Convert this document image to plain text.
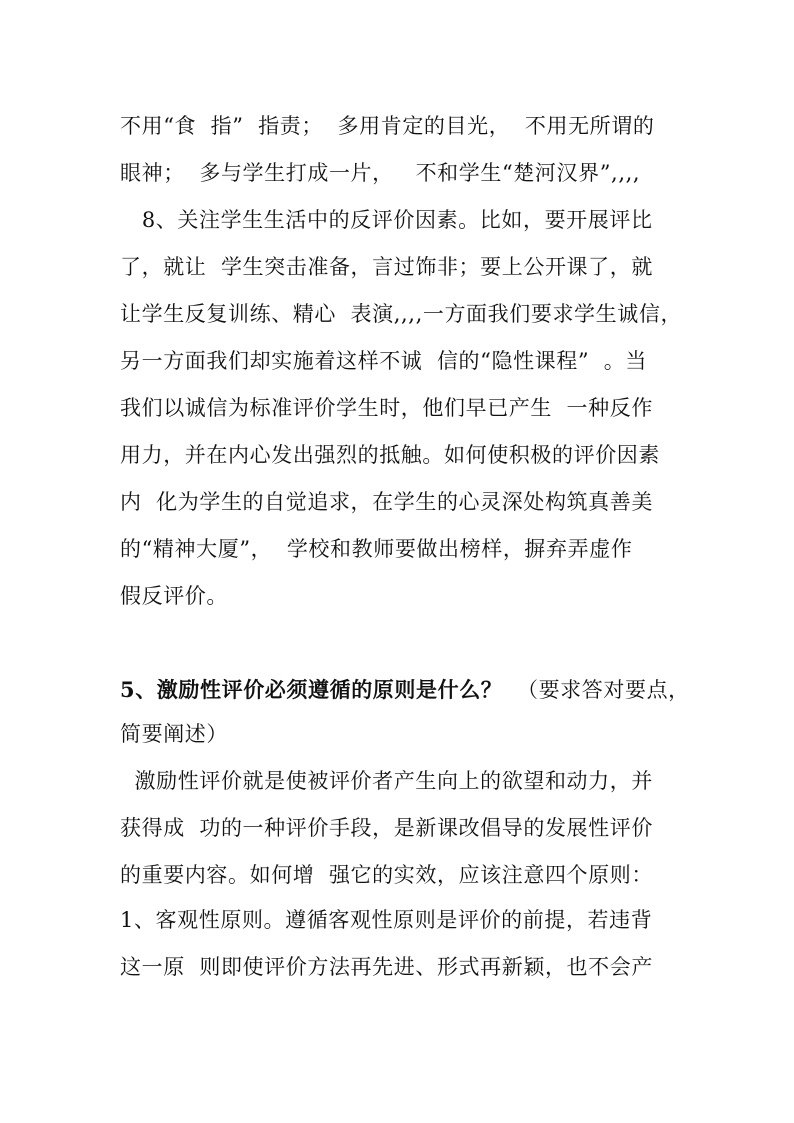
不用“食  指”  指责；  多用肯定的目光，  不用无所谓的
眼神；  多与学生打成一片，   不和学生“楚河汉界”,,,,
8、关注学生生活中的反评价因素。比如，要开展评比
了，就让  学生突击准备，言过饰非；要上公开课了，就
让学生反复训练、精心  表演,,,,一方面我们要求学生诚信，
另一方面我们却实施着这样不诚  信的“隐性课程”  。当
我们以诚信为标准评价学生时，他们早已产生  一种反作
用力，并在内心发出强烈的抵触。如何使积极的评价因素
内  化为学生的自觉追求，在学生的心灵深处构筑真善美
的“精神大厦”，  学校和教师要做出榜样，摒弃弄虚作
假反评价。
5、激励性评价必须遵循的原则是什么？  （要求答对要点，
简要阐述）
激励性评价就是使被评价者产生向上的欲望和动力，并
获得成  功的一种评价手段，是新课改倡导的发展性评价
的重要内容。如何增  强它的实效，应该注意四个原则：
1、客观性原则。遵循客观性原则是评价的前提，若违背
这一原  则即使评价方法再先进、形式再新颖，也不会产
